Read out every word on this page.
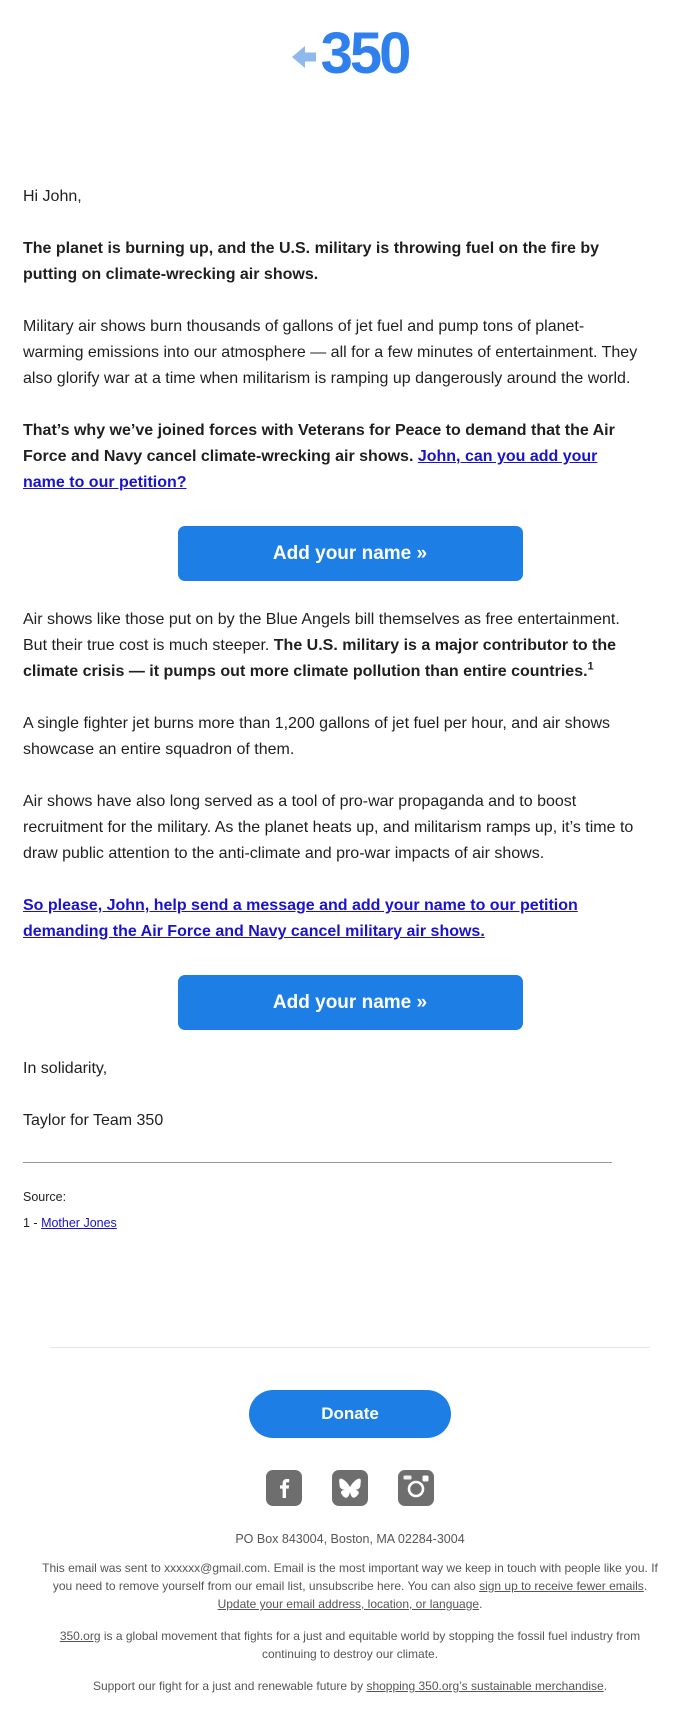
350

Hi John,

The planet is burning up, and the U.S. military is throwing fuel on the fire by putting on climate-wrecking air shows.

Military air shows burn thousands of gallons of jet fuel and pump tons of planet-warming emissions into our atmosphere — all for a few minutes of entertainment. They also glorify war at a time when militarism is ramping up dangerously around the world.

That’s why we’ve joined forces with Veterans for Peace to demand that the Air Force and Navy cancel climate-wrecking air shows. John, can you add your name to our petition?

Add your name »

Air shows like those put on by the Blue Angels bill themselves as free entertainment. But their true cost is much steeper. The U.S. military is a major contributor to the climate crisis — it pumps out more climate pollution than entire countries.$^1$

A single fighter jet burns more than 1,200 gallons of jet fuel per hour, and air shows showcase an entire squadron of them.

Air shows have also long served as a tool of pro-war propaganda and to boost recruitment for the military. As the planet heats up, and militarism ramps up, it’s time to draw public attention to the anti-climate and pro-war impacts of air shows.

So please, John, help send a message and add your name to our petition demanding the Air Force and Navy cancel military air shows.

Add your name »

In solidarity,

Taylor for Team 350

Source:
1 - Mother Jones
Donate
PO Box 843004, Boston, MA 02284-3004

This email was sent to xxxxxx@gmail.com. Email is the most important way we keep in touch with people like you. If you need to remove yourself from our email list, unsubscribe here. You can also sign up to receive fewer emails. Update your email address, location, or language.

350.org is a global movement that fights for a just and equitable world by stopping the fossil fuel industry from continuing to destroy our climate.

Support our fight for a just and renewable future by shopping 350.org’s sustainable merchandise.
